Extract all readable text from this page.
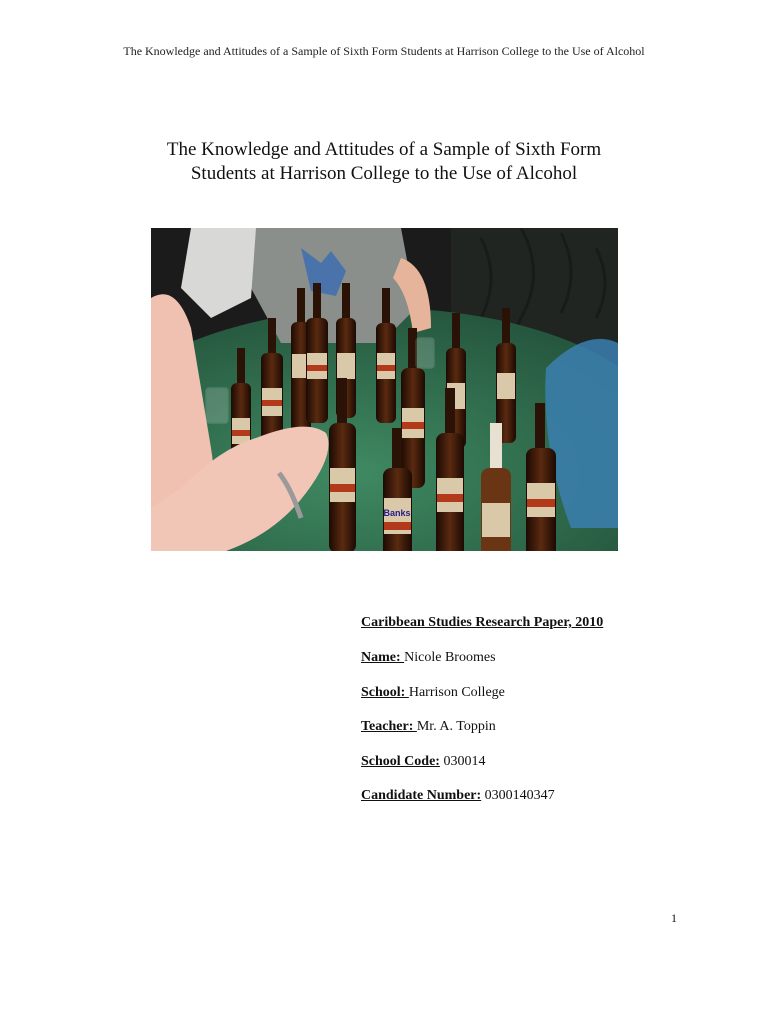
The Knowledge and Attitudes of a Sample of Sixth Form Students at Harrison College to the Use of Alcohol
The Knowledge and Attitudes of a Sample of Sixth Form
Students at Harrison College to the Use of Alcohol
Banks
Caribbean Studies Research Paper, 2010
Name: Nicole Broomes
School: Harrison College
Teacher: Mr. A. Toppin
School Code: 030014
Candidate Number: 0300140347
1
